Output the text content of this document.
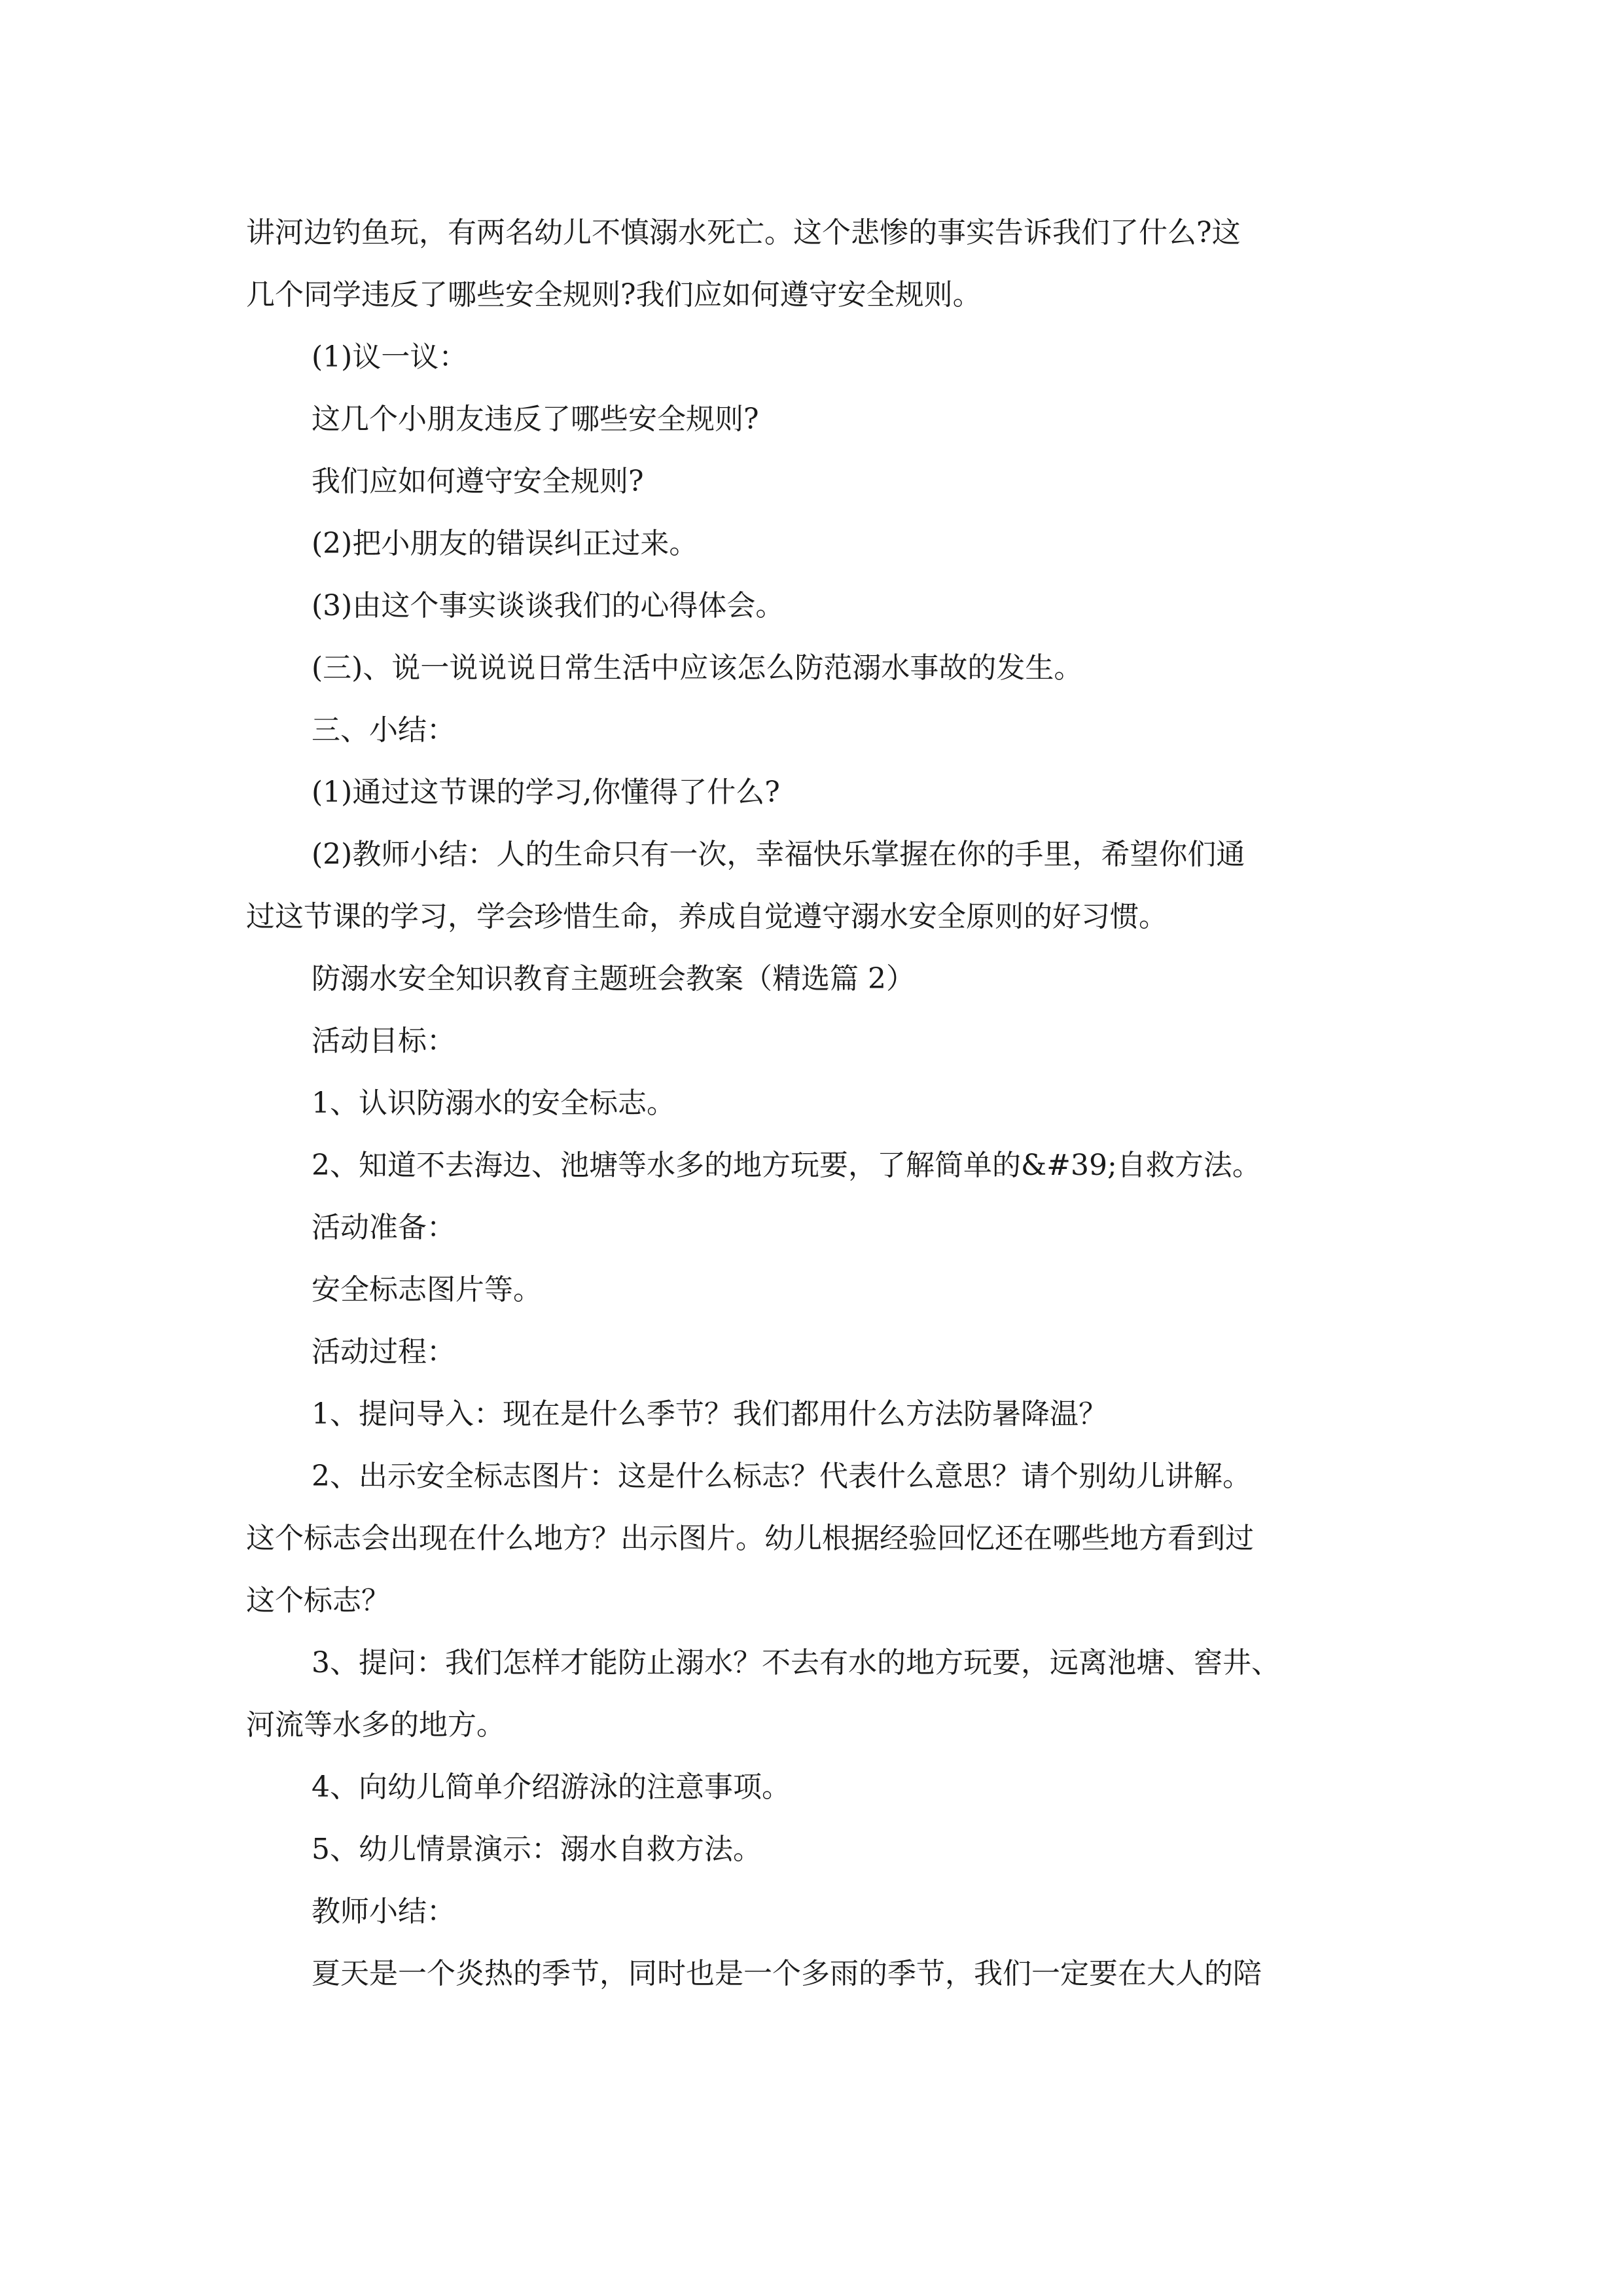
讲河边钓鱼玩，有两名幼儿不慎溺水死亡。这个悲惨的事实告诉我们了什么?这
几个同学违反了哪些安全规则?我们应如何遵守安全规则。
(1)议一议：
这几个小朋友违反了哪些安全规则?
我们应如何遵守安全规则?
(2)把小朋友的错误纠正过来。
(3)由这个事实谈谈我们的心得体会。
(三)、说一说说说日常生活中应该怎么防范溺水事故的发生。
三、小结：
(1)通过这节课的学习,你懂得了什么?
(2)教师小结：人的生命只有一次，幸福快乐掌握在你的手里，希望你们通
过这节课的学习，学会珍惜生命，养成自觉遵守溺水安全原则的好习惯。
防溺水安全知识教育主题班会教案（精选篇 2）
活动目标：
1、认识防溺水的安全标志。
2、知道不去海边、池塘等水多的地方玩要，了解简单的&#39;自救方法。
活动准备：
安全标志图片等。
活动过程：
1、提问导入：现在是什么季节？我们都用什么方法防暑降温？
2、出示安全标志图片：这是什么标志？代表什么意思？请个别幼儿讲解。
这个标志会出现在什么地方？出示图片。幼儿根据经验回忆还在哪些地方看到过
这个标志？
3、提问：我们怎样才能防止溺水？不去有水的地方玩要，远离池塘、窖井、
河流等水多的地方。
4、向幼儿简单介绍游泳的注意事项。
5、幼儿情景演示：溺水自救方法。
教师小结：
夏天是一个炎热的季节，同时也是一个多雨的季节，我们一定要在大人的陪
